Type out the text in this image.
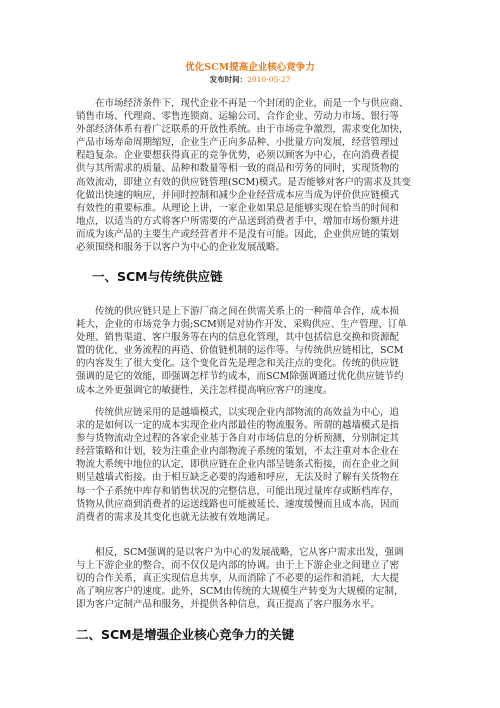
优化SCM提高企业核心竞争力
发布时间：2010-05-27
　　在市场经济条件下，现代企业不再是一个封闭的企业，而是一个与供应商、
销售市场、代理商、零售连锁商、运输公司、合作企业、劳动力市场、银行等
外部经济体系有着广泛联系的开放性系统。由于市场竞争激烈，需求变化加快，
产品市场寿命周期缩短，企业生产正向多品种、小批量方向发展，经营管理过
程趋复杂。企业要想获得真正的竞争优势，必须以顾客为中心，在向消费者提
供与其所需求的质量、品种和数量等相一致的商品和劳务的同时，实现货物的
高效流动，即建立有效的供应链管理(SCM)模式。是否能够对客户的需求及其变
化做出快速的响应，并同时控制和减少企业经营成本应当成为评价供应链模式
有效性的重要标准。从理论上讲，一家企业如果总是能够实现在恰当的时间和
地点，以适当的方式将客户所需要的产品送到消费者手中，增加市场份额并进
而成为该产品的主要生产或经营者并不是没有可能。因此，企业供应链的策划
必须围绕和服务于以客户为中心的企业发展战略。
一、SCM与传统供应链
　　传统的供应链只是上下游厂商之间在供需关系上的一种简单合作，成本损
耗大，企业的市场竞争力弱;SCM则是对协作开发、采购供应、生产管理、订单
处理、销售渠道、客户服务等在内的信息化管理，其中包括信息交换和资源配
置的优化、业务流程的再造、价值链机制的运作等。与传统供应链相比，SCM
的内容发生了很大变化。这个变化首先是理念和关注点的变化。传统的供应链
强调的是它的效能，即强调怎样节约成本，而SCM除强调通过优化供应链节约
成本之外更强调它的敏捷性，关注怎样提高响应客户的速度。
　　传统供应链采用的是越墙模式，以实现企业内部物流的高效益为中心，追
求的是如何以一定的成本实现企业内部最佳的物流服务。所谓的越墙模式是指
参与货物流动全过程的各家企业基于各自对市场信息的分析预测，分别制定其
经营策略和计划，较为注重企业内部物流子系统的策划，不太注重对本企业在
物流大系统中地位的认定，即供应链在企业内部呈链条式衔接，而在企业之间
则呈越墙式衔接。由于相互缺乏必要的沟通和呼应，无法及时了解有关货物在
每一个子系统中库存和销售状况的完整信息，可能出现过量库存或断档库存，
货物从供应商到消费者的运送线路也可能被延长、速度缓慢而且成本高，因而
消费者的需求及其变化也就无法被有效地满足。
　　相反，SCM强调的是以客户为中心的发展战略，它从客户需求出发，强调
与上下游企业的整合，而不仅仅是内部的协调。由于上下游企业之间建立了密
切的合作关系，真正实现信息共享，从而消除了不必要的运作和消耗，大大提
高了响应客户的速度。此外，SCM由传统的大规模生产转变为大规模的定制，
即为客户定制产品和服务，并提供各种信息，真正提高了客户服务水平。
二、SCM是增强企业核心竞争力的关键
